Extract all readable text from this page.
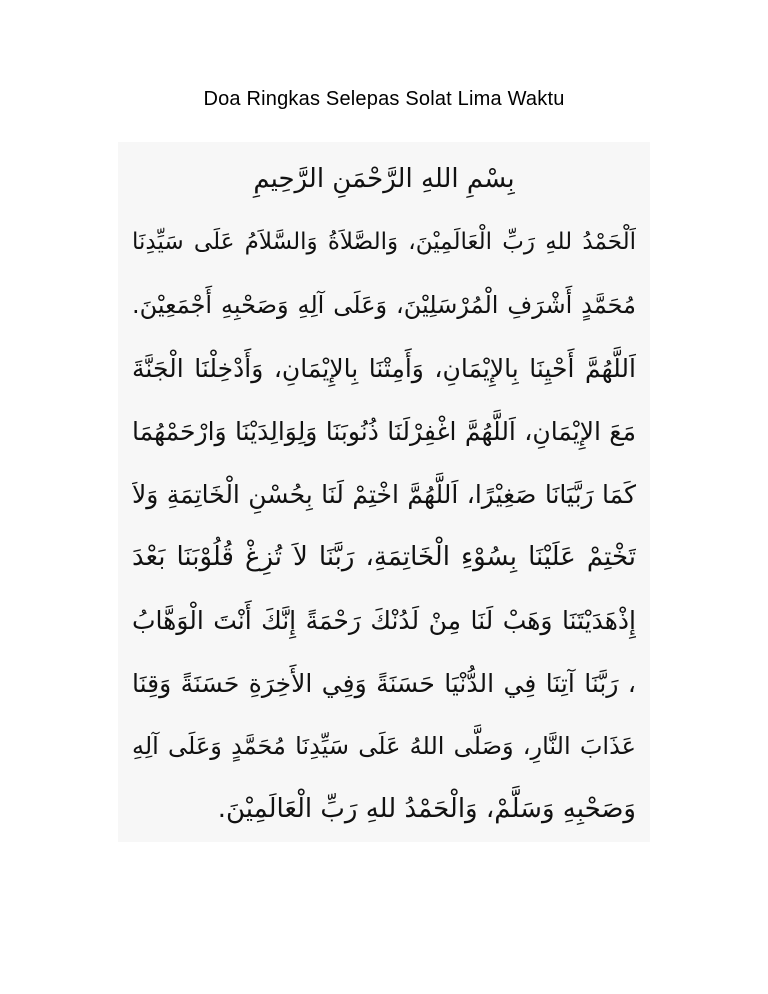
Doa Ringkas Selepas Solat Lima Waktu
بِسْمِ اللهِ الرَّحْمَنِ الرَّحِيمِ
اَلْحَمْدُ للهِ رَبِّ الْعَالَمِيْنَ، وَالصَّلاَةُ وَالسَّلاَمُ عَلَى سَيِّدِنَا
مُحَمَّدٍ أَشْرَفِ الْمُرْسَلِيْنَ، وَعَلَى آلِهِ وَصَحْبِهِ أَجْمَعِيْنَ.
اَللَّهُمَّ أَحْيِنَا بِالإِيْمَانِ، وَأَمِتْنَا بِالإِيْمَانِ، وَأَدْخِلْنَا الْجَنَّةَ
مَعَ الإِيْمَانِ، اَللَّهُمَّ اغْفِرْلَنَا ذُنُوبَنَا وَلِوَالِدَيْنَا وَارْحَمْهُمَا
كَمَا رَبَّيَانَا صَغِيْرًا، اَللَّهُمَّ اخْتِمْ لَنَا بِحُسْنِ الْخَاتِمَةِ وَلاَ
تَخْتِمْ عَلَيْنَا بِسُوْءِ الْخَاتِمَةِ، رَبَّنَا لاَ تُزِغْ قُلُوْبَنَا بَعْدَ
إِذْهَدَيْتَنَا وَهَبْ لَنَا مِنْ لَدُنْكَ رَحْمَةً إِنَّكَ أَنْتَ الْوَهَّابُ
، رَبَّنَا آتِنَا فِي الدُّنْيَا حَسَنَةً وَفِي الأَخِرَةِ حَسَنَةً وَقِنَا
عَذَابَ النَّارِ، وَصَلَّى اللهُ عَلَى سَيِّدِنَا مُحَمَّدٍ وَعَلَى آلِهِ
وَصَحْبِهِ وَسَلَّمْ، وَالْحَمْدُ للهِ رَبِّ الْعَالَمِيْنَ.
